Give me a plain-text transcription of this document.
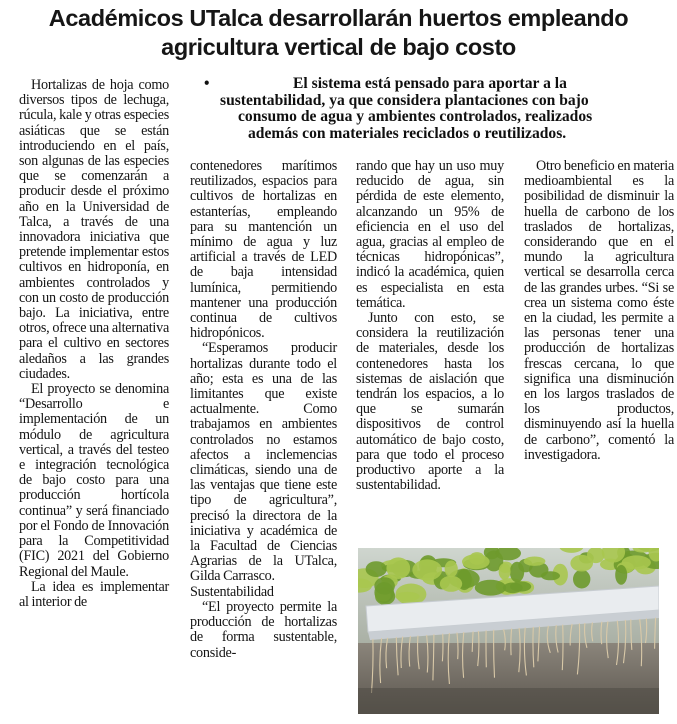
Académicos UTalca desarrollarán huertos empleando
agricultura vertical de bajo costo
•	El sistema está pensado para aportar a la
sustentabilidad, ya que considera plantaciones con bajo
consumo de agua y ambientes controlados, realizados
además con materiales reciclados o reutilizados.

Hortalizas de hoja como diversos tipos de lechuga, rúcula, kale y otras especies asiáticas que se están introduciendo en el país, son algunas de las especies que se comenzarán a producir desde el próximo año en la Universidad de Talca, a través de una innovadora iniciativa que pretende implementar estos cultivos en hidroponía, en ambientes controlados y con un costo de producción bajo. La iniciativa, entre otros, ofrece una alternativa para el cultivo en sectores aledaños a las grandes ciudades.

El proyecto se denomina “Desarrollo e implementación de un módulo de agricultura vertical, a través del testeo e integración tecnológica de bajo costo para una producción hortícola continua” y será financiado por el Fondo de Innovación para la Competitividad (FIC) 2021 del Gobierno Regional del Maule.

La idea es implementar al interior de

contenedores marítimos reutilizados, espacios para cultivos de hortalizas en estanterías, empleando para su mantención un mínimo de agua y luz artificial a través de LED de baja intensidad lumínica, permitiendo mantener una producción continua de cultivos hidropónicos.

“Esperamos producir hortalizas durante todo el año; esta es una de las limitantes que existe actualmente. Como trabajamos en ambientes controlados no estamos afectos a inclemencias climáticas, siendo una de las ventajas que tiene este tipo de agricultura”, precisó la directora de la iniciativa y académica de la Facultad de Ciencias Agrarias de la UTalca, Gilda Carrasco.

Sustentabilidad

“El proyecto permite la producción de hortalizas de forma sustentable, conside-

rando que hay un uso muy reducido de agua, sin pérdida de este elemento, alcanzando un 95% de eficiencia en el uso del agua, gracias al empleo de técnicas hidropónicas”, indicó la académica, quien es especialista en esta temática.

Junto con esto, se considera la reutilización de materiales, desde los contenedores hasta los sistemas de aislación que tendrán los espacios, a lo que se sumarán dispositivos de control automático de bajo costo, para que todo el proceso productivo aporte a la sustentabilidad.

Otro beneficio en materia medioambiental es la posibilidad de disminuir la huella de carbono de los traslados de hortalizas, considerando que en el mundo la agricultura vertical se desarrolla cerca de las grandes urbes. “Si se crea un sistema como éste en la ciudad, les permite a las personas tener una producción de hortalizas frescas cercana, lo que significa una disminución en los largos traslados de los productos, disminuyendo así la huella de carbono”, comentó la investigadora.
